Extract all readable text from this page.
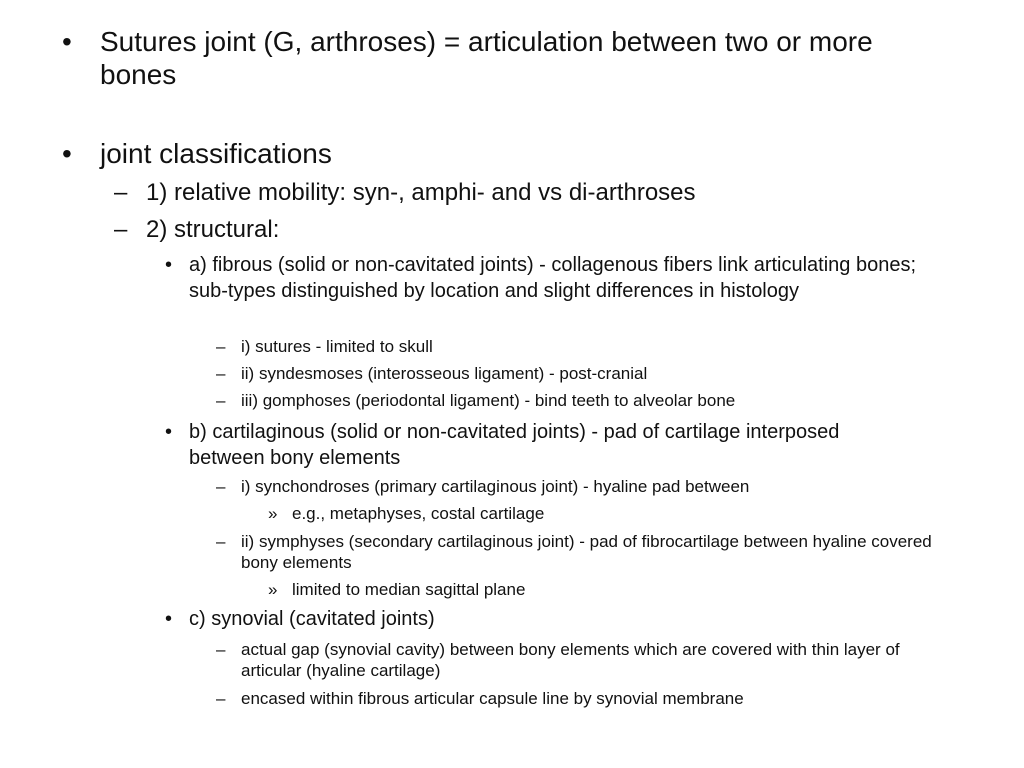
•	Sutures joint (G, arthroses) = articulation between two or more bones
•	joint classifications
– 1) relative mobility: syn-, amphi- and vs di-arthroses
– 2) structural:
• a) fibrous (solid or non-cavitated joints) - collagenous fibers link articulating bones; sub-types distinguished by location and slight differences in histology
– i) sutures - limited to skull
– ii) syndesmoses (interosseous ligament) - post-cranial
– iii) gomphoses (periodontal ligament) - bind teeth to alveolar bone
• b) cartilaginous (solid or non-cavitated joints) - pad of cartilage interposed between bony elements
– i) synchondroses (primary cartilaginous joint) - hyaline pad between
» e.g., metaphyses, costal cartilage
– ii) symphyses (secondary cartilaginous joint) - pad of fibrocartilage between hyaline covered bony elements
» limited to median sagittal plane
• c) synovial (cavitated joints)
– actual gap (synovial cavity) between bony elements which are covered with thin layer of articular (hyaline cartilage)
– encased within fibrous articular capsule line by synovial membrane
